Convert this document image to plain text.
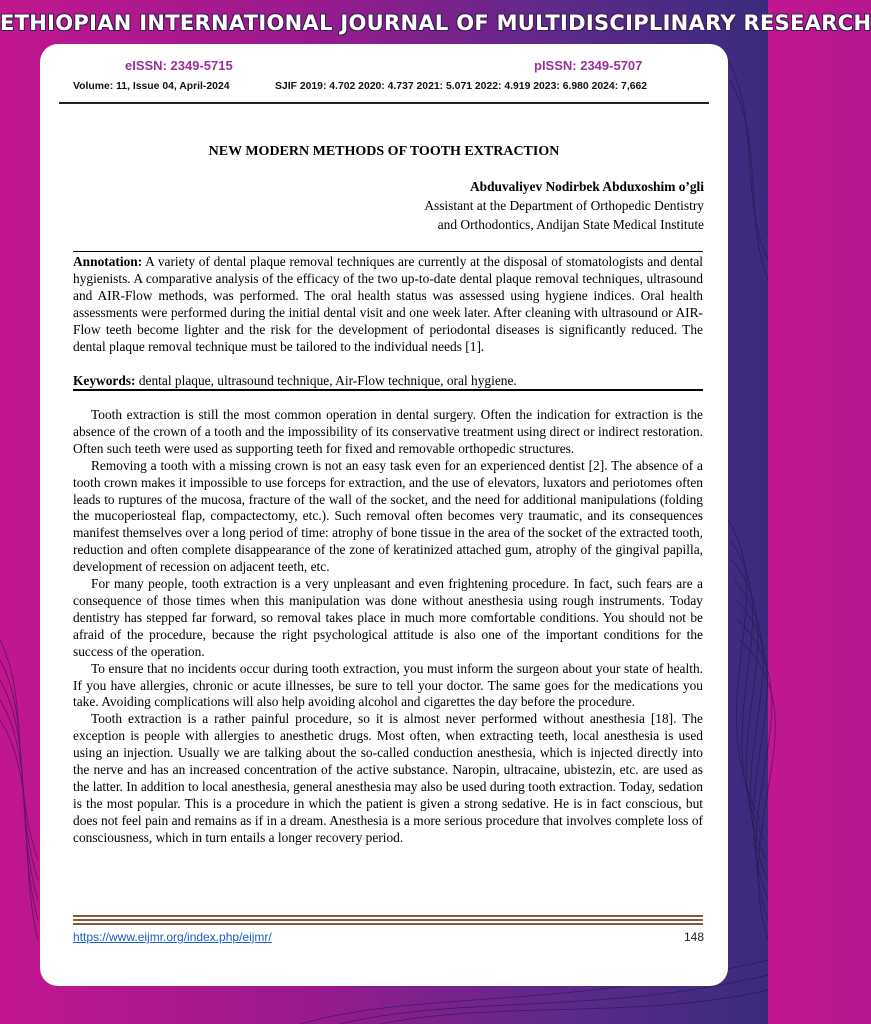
ETHIOPIAN INTERNATIONAL JOURNAL OF MULTIDISCIPLINARY RESEARCH
eISSN: 2349-5715	pISSN: 2349-5707
Volume: 11, Issue 04, April-2024	SJIF 2019: 4.702 2020: 4.737 2021: 5.071 2022: 4.919 2023: 6.980 2024: 7,662
NEW MODERN METHODS OF TOOTH EXTRACTION
Abduvaliyev Nodirbek Abduxoshim o’gli
Assistant at the Department of Orthopedic Dentistry
and Orthodontics, Andijan State Medical Institute
Annotation: A variety of dental plaque removal techniques are currently at the disposal of stomatologists and dental hygienists. A comparative analysis of the efficacy of the two up-to-date dental plaque removal techniques, ultrasound and AIR-Flow methods, was performed. The oral health status was assessed using hygiene indices. Oral health assessments were performed during the initial dental visit and one week later. After cleaning with ultrasound or AIR-Flow teeth become lighter and the risk for the development of periodontal diseases is significantly reduced. The dental plaque removal technique must be tailored to the individual needs [1].
Keywords: dental plaque, ultrasound technique, Air-Flow technique, oral hygiene.

Tooth extraction is still the most common operation in dental surgery. Often the indication for extraction is the absence of the crown of a tooth and the impossibility of its conservative treatment using direct or indirect restoration. Often such teeth were used as supporting teeth for fixed and removable orthopedic structures.

Removing a tooth with a missing crown is not an easy task even for an experienced dentist [2]. The absence of a tooth crown makes it impossible to use forceps for extraction, and the use of elevators, luxators and periotomes often leads to ruptures of the mucosa, fracture of the wall of the socket, and the need for additional manipulations (folding the mucoperiosteal flap, compactectomy, etc.). Such removal often becomes very traumatic, and its consequences manifest themselves over a long period of time: atrophy of bone tissue in the area of the socket of the extracted tooth, reduction and often complete disappearance of the zone of keratinized attached gum, atrophy of the gingival papilla, development of recession on adjacent teeth, etc.

For many people, tooth extraction is a very unpleasant and even frightening procedure. In fact, such fears are a consequence of those times when this manipulation was done without anesthesia using rough instruments. Today dentistry has stepped far forward, so removal takes place in much more comfortable conditions. You should not be afraid of the procedure, because the right psychological attitude is also one of the important conditions for the success of the operation.

To ensure that no incidents occur during tooth extraction, you must inform the surgeon about your state of health. If you have allergies, chronic or acute illnesses, be sure to tell your doctor. The same goes for the medications you take. Avoiding complications will also help avoiding alcohol and cigarettes the day before the procedure.

Tooth extraction is a rather painful procedure, so it is almost never performed without anesthesia [18]. The exception is people with allergies to anesthetic drugs. Most often, when extracting teeth, local anesthesia is used using an injection. Usually we are talking about the so-called conduction anesthesia, which is injected directly into the nerve and has an increased concentration of the active substance. Naropin, ultracaine, ubistezin, etc. are used as the latter. In addition to local anesthesia, general anesthesia may also be used during tooth extraction. Today, sedation is the most popular. This is a procedure in which the patient is given a strong sedative. He is in fact conscious, but does not feel pain and remains as if in a dream. Anesthesia is a more serious procedure that involves complete loss of consciousness, which in turn entails a longer recovery period.

https://www.eijmr.org/index.php/eijmr/	148
